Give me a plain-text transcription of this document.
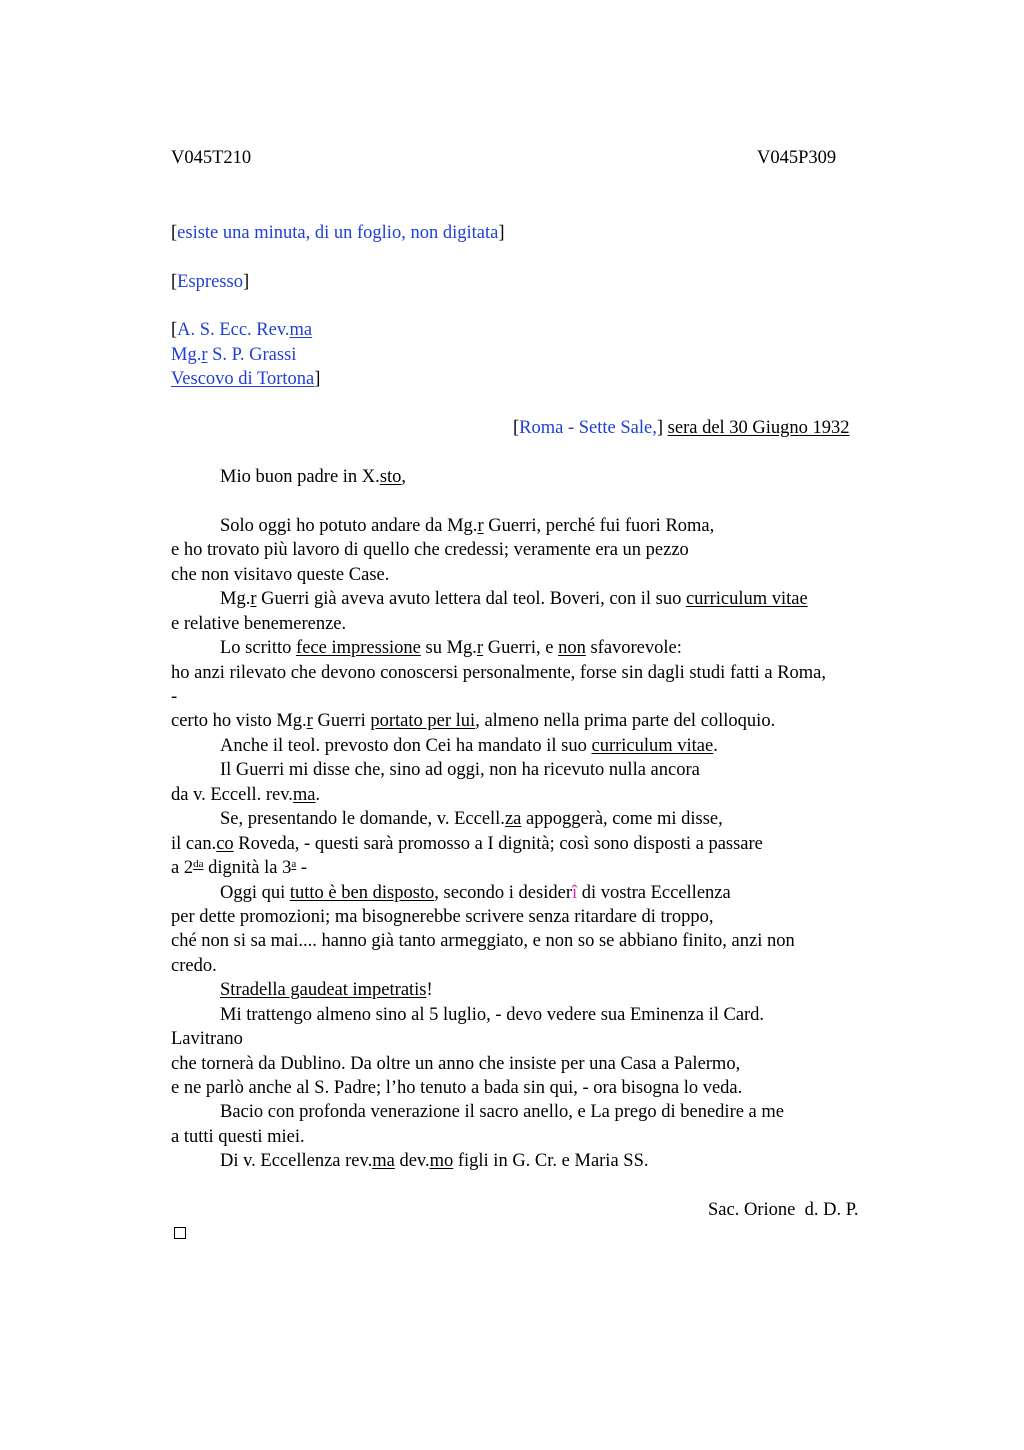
V045T210	V045P309
[esiste una minuta, di un foglio, non digitata]
[Espresso]
[A. S. Ecc. Rev.ma
Mg.r S. P. Grassi
Vescovo di Tortona]
[Roma - Sette Sale,] sera del 30 Giugno 1932
Mio buon padre in X.sto,
Solo oggi ho potuto andare da Mg.r Guerri, perché fui fuori Roma,
e ho trovato più lavoro di quello che credessi; veramente era un pezzo
che non visitavo queste Case.
Mg.r Guerri già aveva avuto lettera dal teol. Boveri, con il suo curriculum vitae
e relative benemerenze.
Lo scritto fece impressione su Mg.r Guerri, e non sfavorevole:
ho anzi rilevato che devono conoscersi personalmente, forse sin dagli studi fatti a Roma,
-
certo ho visto Mg.r Guerri portato per lui, almeno nella prima parte del colloquio.
Anche il teol. prevosto don Cei ha mandato il suo curriculum vitae.
Il Guerri mi disse che, sino ad oggi, non ha ricevuto nulla ancora
da v. Eccell. rev.ma.
Se, presentando le domande, v. Eccell.za appoggerà, come mi disse,
il can.co Roveda, - questi sarà promosso a I dignità; così sono disposti a passare
a $2^{da}$ dignità la 3$^a$ -
Oggi qui tutto è ben disposto, secondo i desiderî di vostra Eccellenza
per dette promozioni; ma bisognerebbe scrivere senza ritardare di troppo,
ché non si sa mai.... hanno già tanto armeggiato, e non so se abbiano finito, anzi non
credo.
Stradella gaudeat impetratis!
Mi trattengo almeno sino al 5 luglio, - devo vedere sua Eminenza il Card.
Lavitrano
che tornerà da Dublino. Da oltre un anno che insiste per una Casa a Palermo,
e ne parlò anche al S. Padre; l’ho tenuto a bada sin qui, - ora bisogna lo veda.
Bacio con profonda venerazione il sacro anello, e La prego di benedire a me
a tutti questi miei.
Di v. Eccellenza rev.ma dev.mo figli in G. Cr. e Maria SS.
Sac. Orione  d. D. P.
